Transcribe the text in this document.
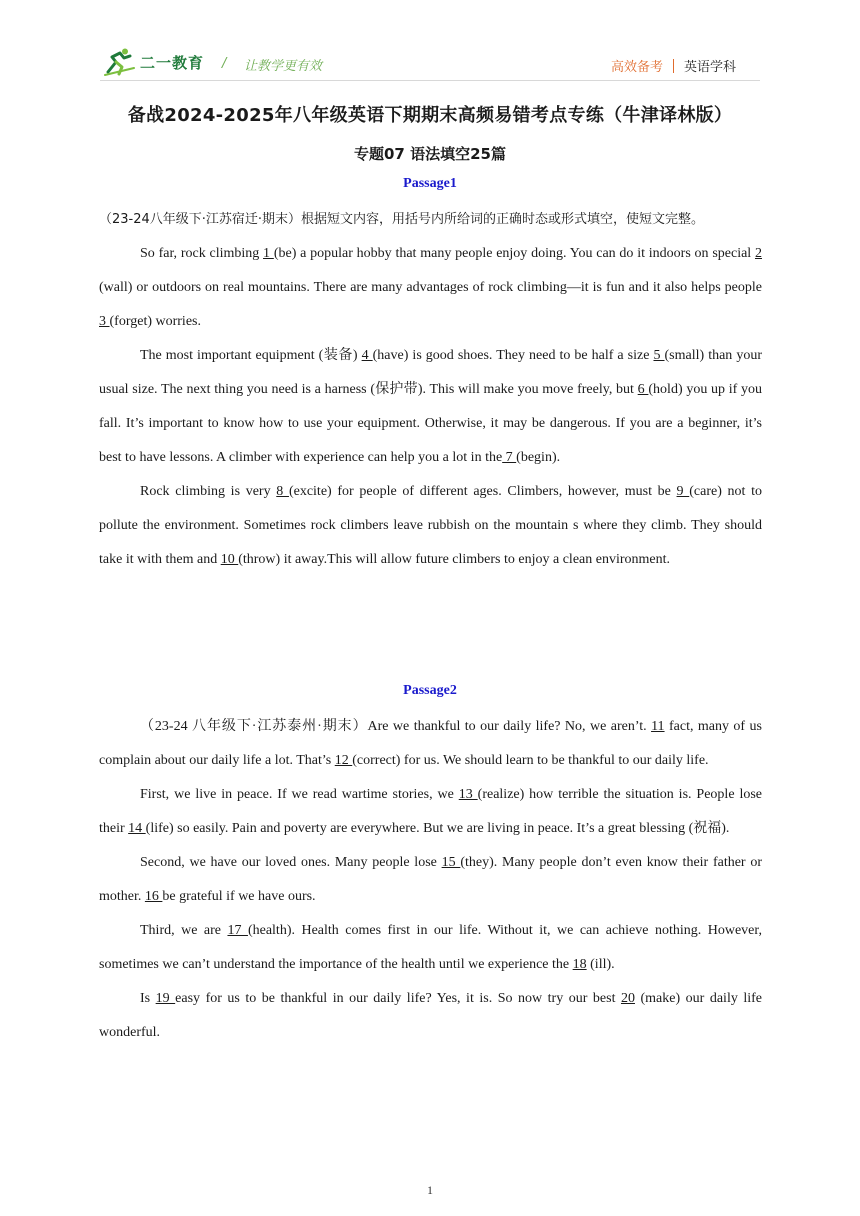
二一教育 / 让教学更有效	高效备考 英语学科
备战2024-2025年八年级英语下期期末高频易错考点专练（牛津译林版）
专题07 语法填空25篇
Passage1

（23-24八年级下·江苏宿迁·期末）根据短文内容，用括号内所给词的正确时态或形式填空，使短文完整。

So far, rock climbing 1 (be) a popular hobby that many people enjoy doing. You can do it indoors on special 2 (wall) or outdoors on real mountains. There are many advantages of rock climbing—it is fun and it also helps people 3 (forget) worries.

The most important equipment (装备) 4 (have) is good shoes. They need to be half a size 5 (small) than your usual size. The next thing you need is a harness (保护带). This will make you move freely, but 6 (hold) you up if you fall. It’s important to know how to use your equipment. Otherwise, it may be dangerous. If you are a beginner, it’s best to have lessons. A climber with experience can help you a lot in the 7 (begin).

Rock climbing is very 8 (excite) for people of different ages. Climbers, however, must be 9 (care) not to pollute the environment. Sometimes rock climbers leave rubbish on the mountain s where they climb. They should take it with them and 10 (throw) it away.This will allow future climbers to enjoy a clean environment.

Passage2

（23-24 八年级下·江苏泰州·期末）Are we thankful to our daily life? No, we aren’t. 11 fact, many of us complain about our daily life a lot. That’s 12 (correct) for us. We should learn to be thankful to our daily life.

First, we live in peace. If we read wartime stories, we 13 (realize) how terrible the situation is. People lose their 14 (life) so easily. Pain and poverty are everywhere. But we are living in peace. It’s a great blessing (祝福).

Second, we have our loved ones. Many people lose 15 (they). Many people don’t even know their father or mother. 16 be grateful if we have ours.

Third, we are 17 (health). Health comes first in our life. Without it, we can achieve nothing. However, sometimes we can’t understand the importance of the health until we experience the 18 (ill).

Is 19 easy for us to be thankful in our daily life? Yes, it is. So now try our best 20 (make) our daily life wonderful.

1
